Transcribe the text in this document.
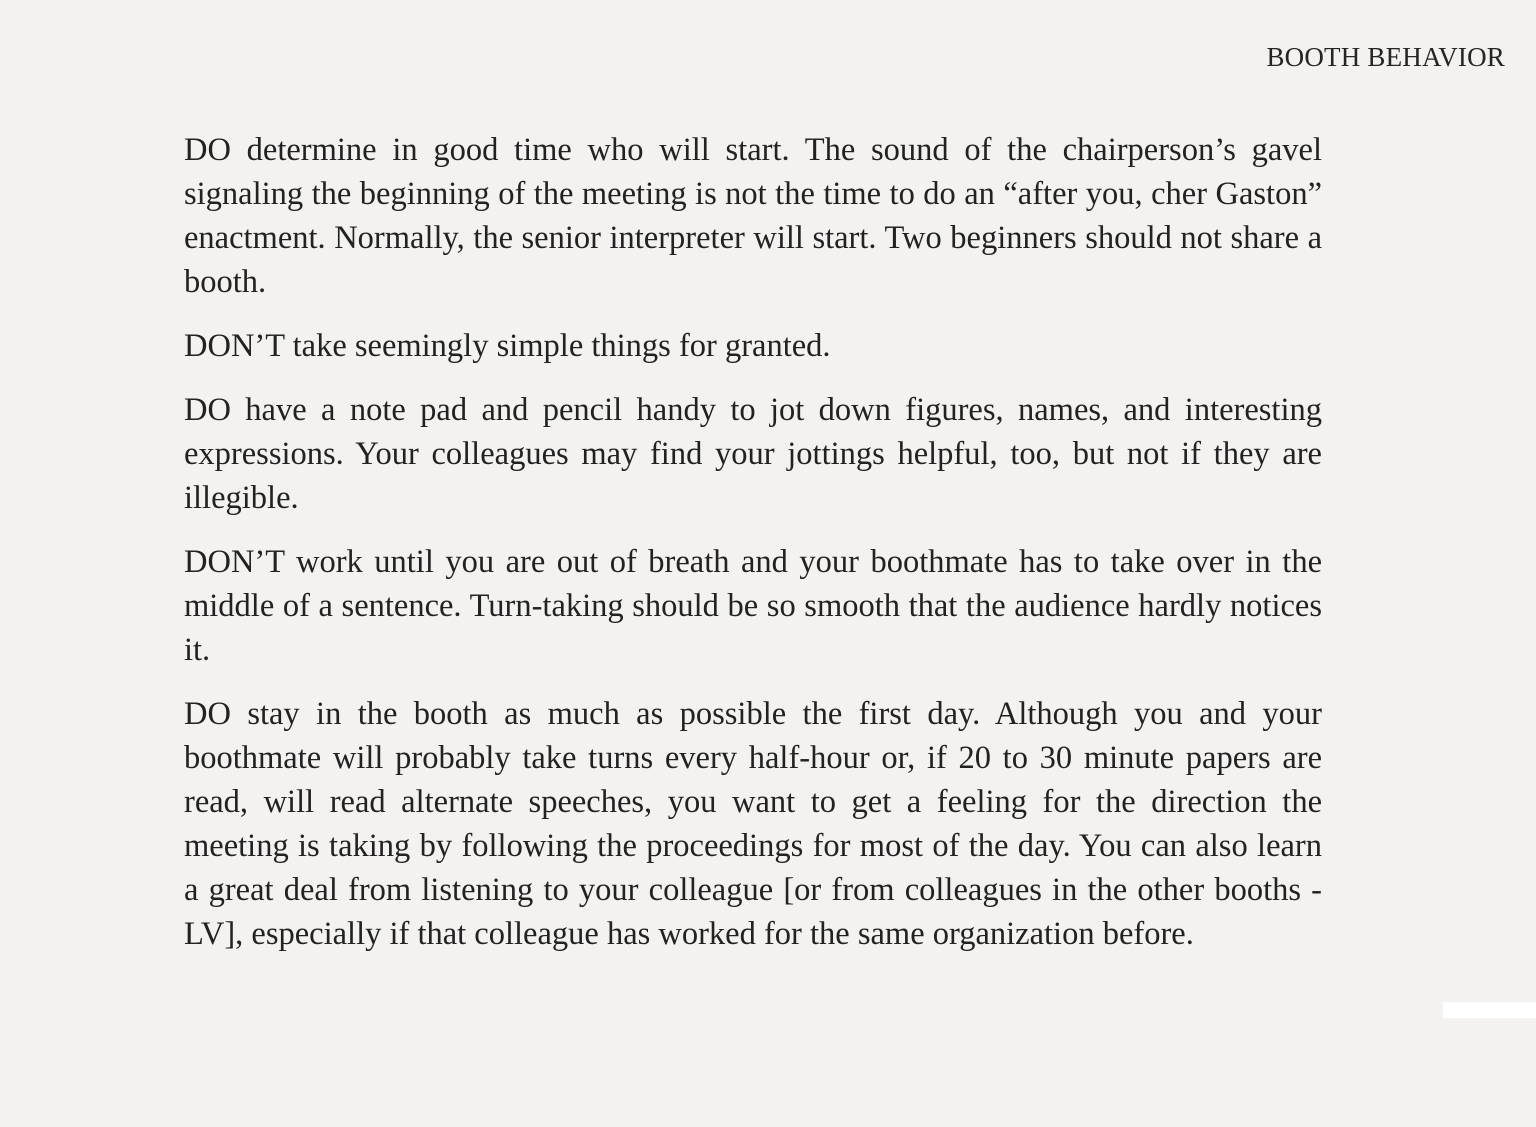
BOOTH BEHAVIOR

DO determine in good time who will start. The sound of the chairperson’s gavel signaling the beginning of the meeting is not the time to do an “after you, cher Gaston” enactment. Normally, the senior interpreter will start. Two beginners should not share a booth.

DON’T take seemingly simple things for granted.

DO have a note pad and pencil handy to jot down figures, names, and interesting expressions. Your colleagues may find your jottings helpful, too, but not if they are illegible.

DON’T work until you are out of breath and your boothmate has to take over in the middle of a sentence. Turn-taking should be so smooth that the audience hardly notices it.

DO stay in the booth as much as possible the first day. Although you and your boothmate will probably take turns every half-hour or, if 20 to 30 minute papers are read, will read alternate speeches, you want to get a feeling for the direction the meeting is taking by following the proceedings for most of the day. You can also learn a great deal from listening to your colleague [or from colleagues in the other booths - LV], especially if that colleague has worked for the same organization before.
